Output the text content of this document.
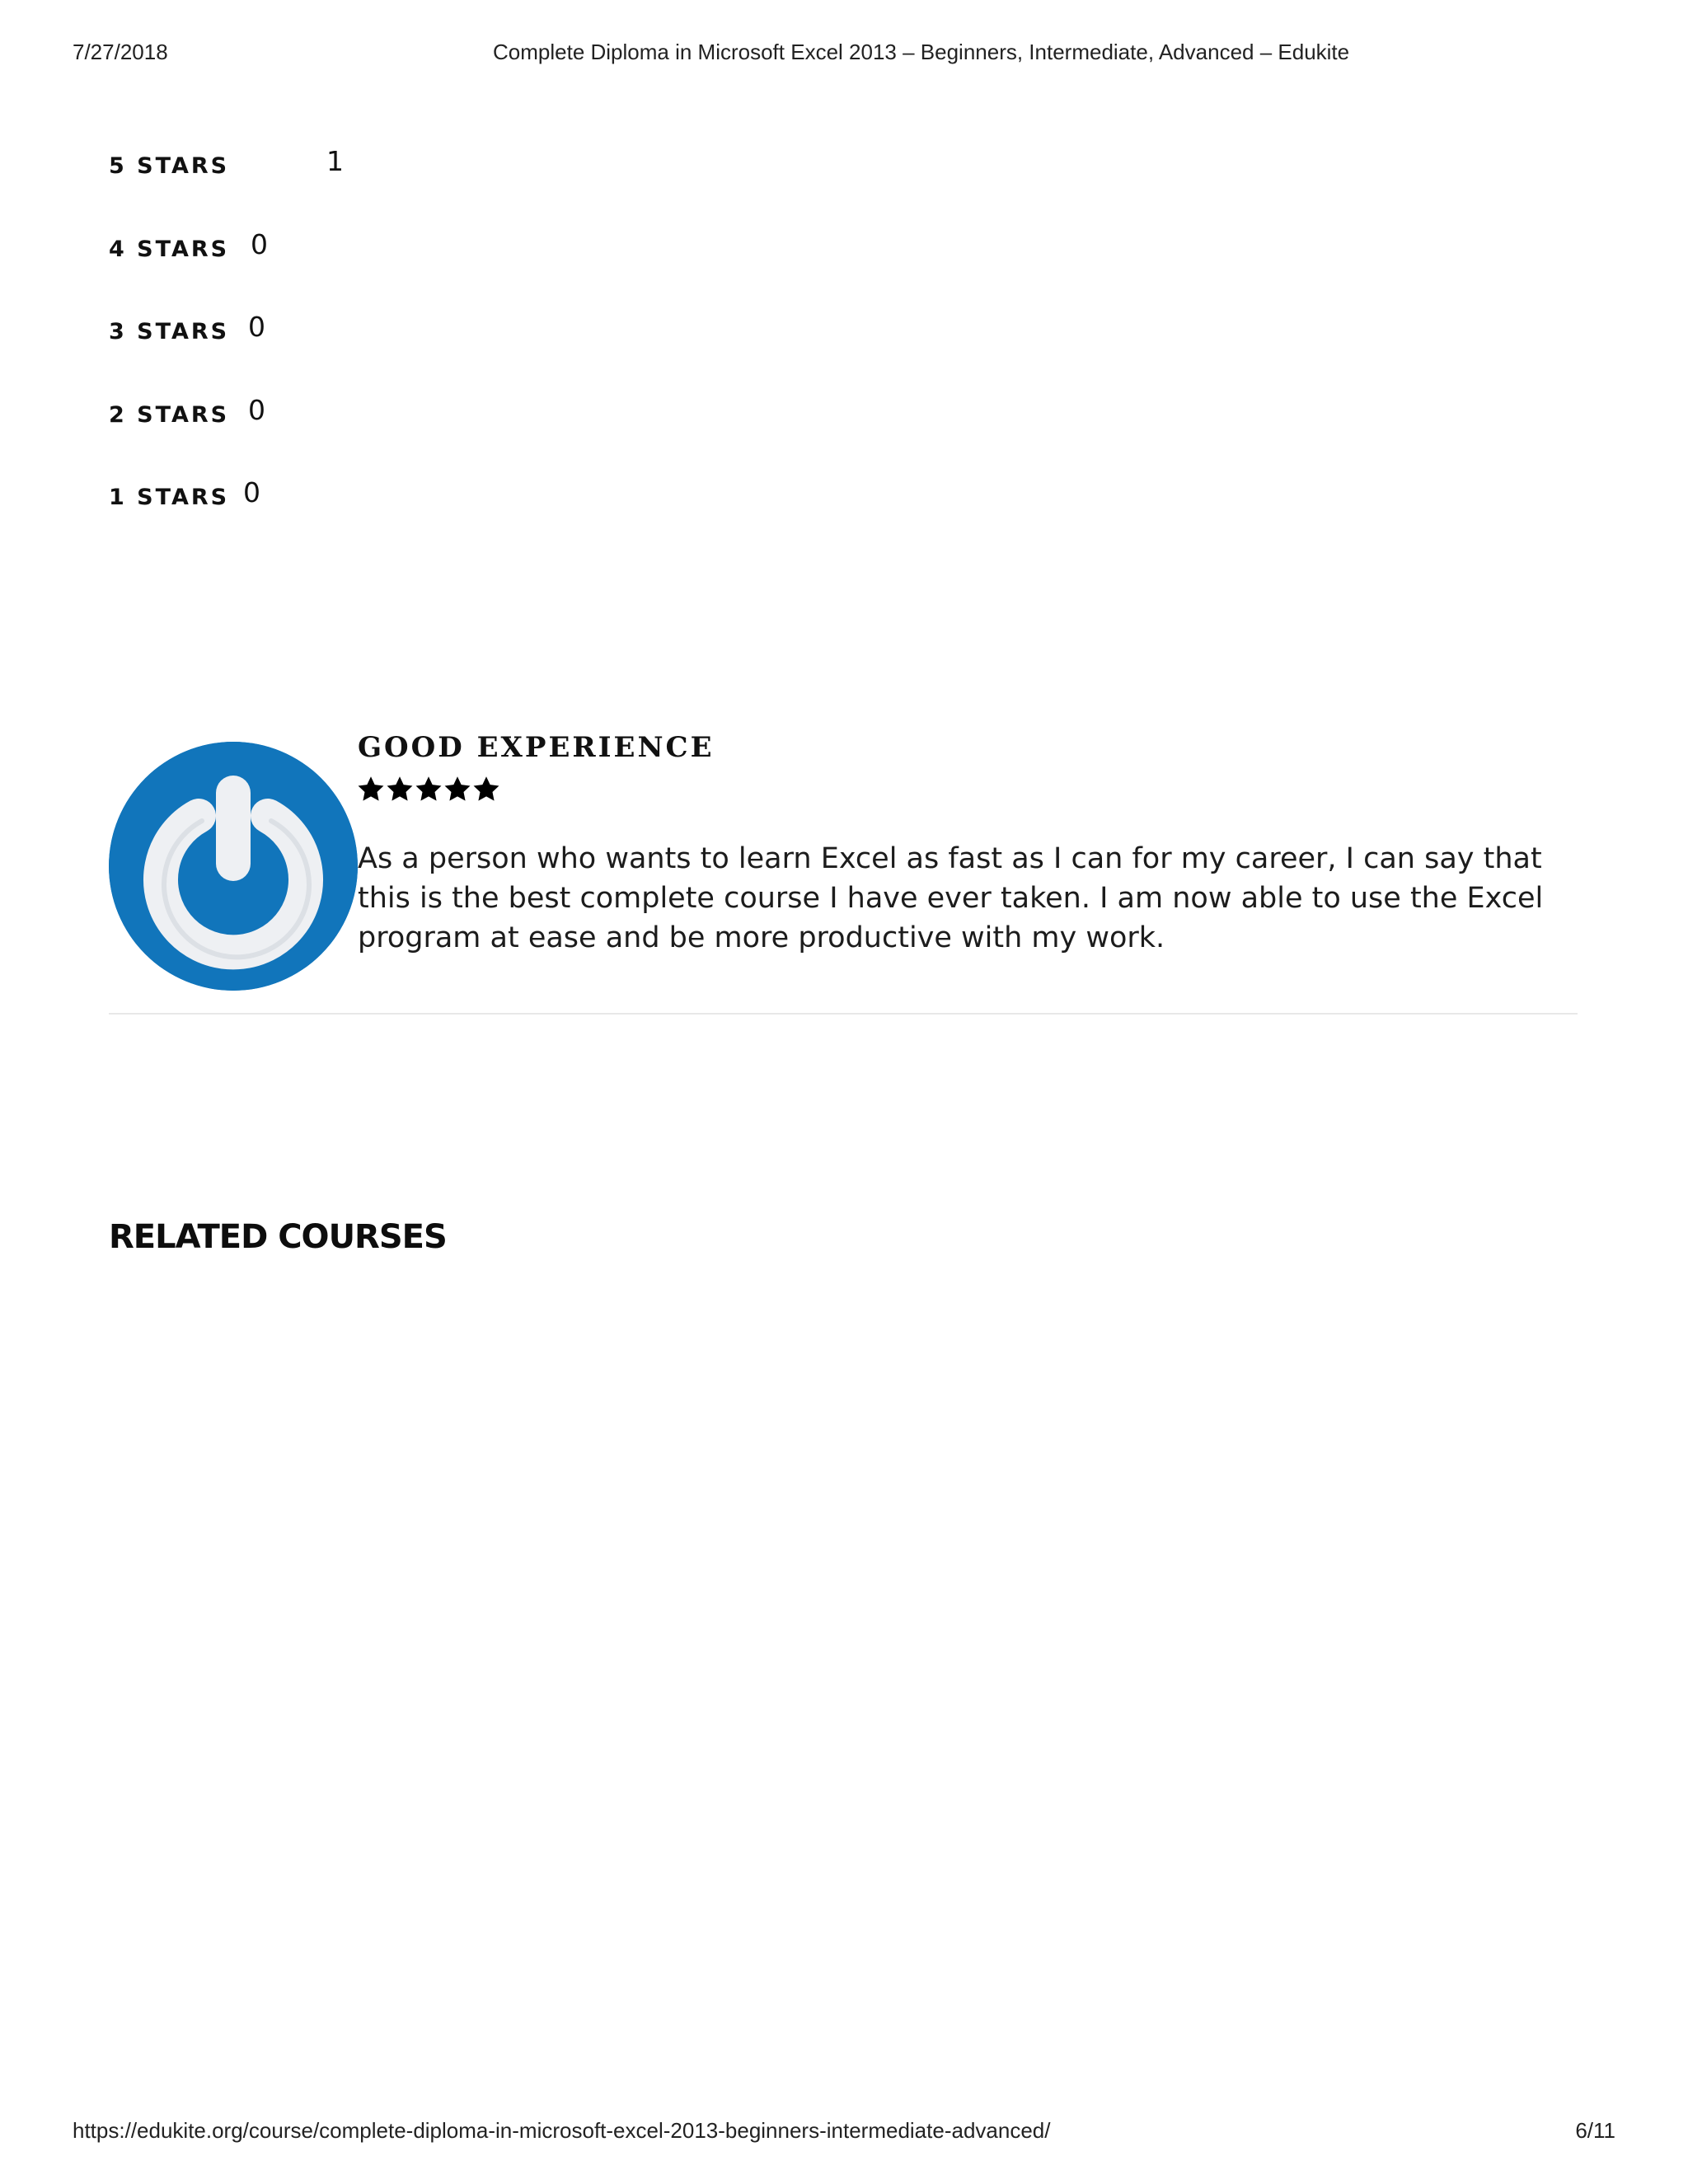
7/27/2018	Complete Diploma in Microsoft Excel 2013 – Beginners, Intermediate, Advanced – Edukite
5 STARS	1
4 STARS 0
3 STARS 0
2 STARS 0
1 STARS 0
GOOD EXPERIENCE
As a person who wants to learn Excel as fast as I can for my career, I can say that this is the best complete course I have ever taken. I am now able to use the Excel program at ease and be more productive with my work.
RELATED COURSES
https://edukite.org/course/complete-diploma-in-microsoft-excel-2013-beginners-intermediate-advanced/	6/11
